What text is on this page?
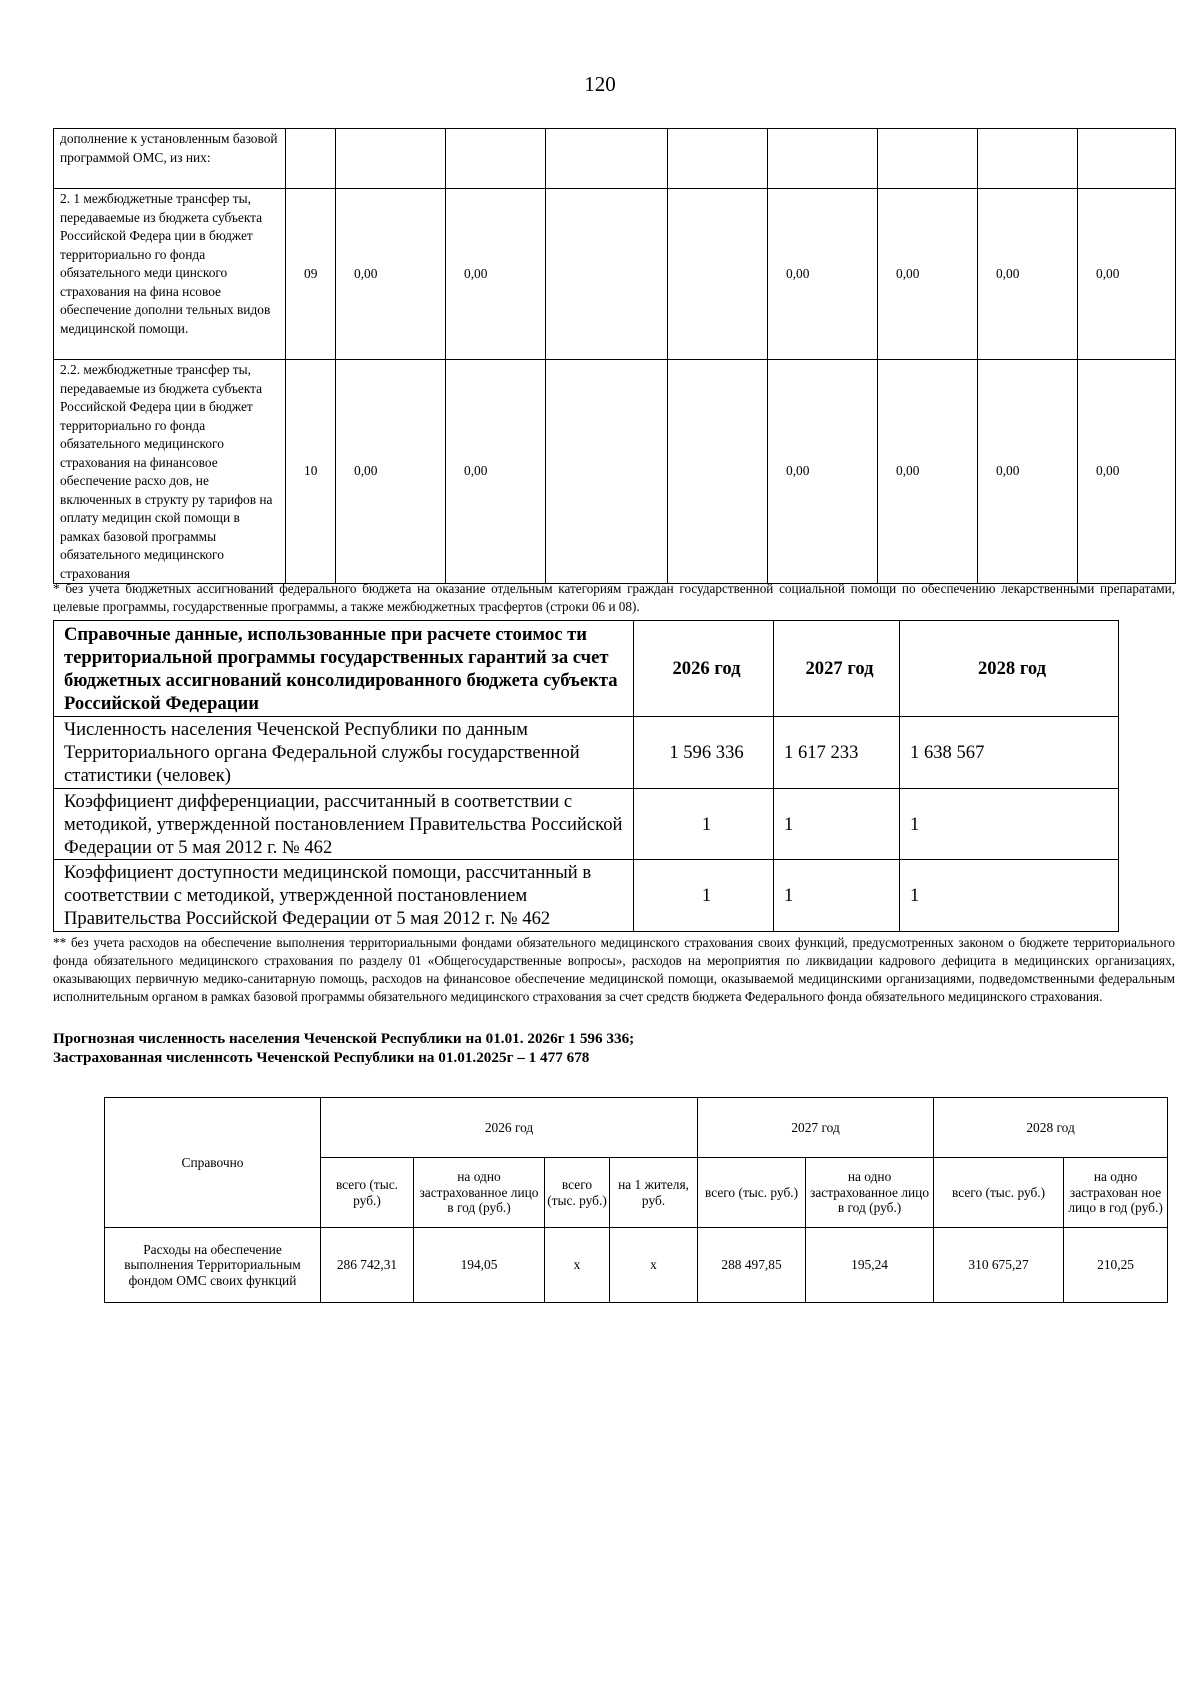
120
дополнение к установленным базовой программой ОМС, из них:									
2. 1 межбюджетные трансфер ты, передаваемые из бюджета субъекта Российской Федера ции в бюджет территориально го фонда обязательного меди цинского страхования на фина нсовое обеспечение дополни тельных видов медицинской помощи.	09	0,00	0,00			0,00	0,00	0,00	0,00
2.2. межбюджетные трансфер ты, передаваемые из бюджета субъекта Российской Федера ции в бюджет территориально го фонда обязательного медицинского страхования на финансовое обеспечение расхо дов, не включенных в структу ру тарифов на оплату медицин ской помощи в рамках базовой программы обязательного медицинского страхования	10	0,00	0,00			0,00	0,00	0,00	0,00
* без учета бюджетных ассигнований федерального бюджета на оказание отдельным категориям граждан государственной социальной помощи по обеспечению лекарственными препаратами, целевые программы, государственные программы, а также межбюджетных трасфертов (строки 06 и 08).
Справочные данные, использованные при расчете стоимос ти территориальной программы государственных гарантий за счет бюджетных ассигнований консолидированного бюджета субъекта Российской Федерации	2026 год	2027 год	2028 год
Численность населения Чеченской Республики по данным Территориального органа Федеральной службы государственной статистики (человек)	1 596 336	1 617 233	1 638 567
Коэффициент дифференциации, рассчитанный в соответствии с методикой, утвержденной постановлением Правительства Российской Федерации от 5 мая 2012 г. № 462	1	1	1
Коэффициент доступности медицинской помощи, рассчитанный в соответствии с методикой, утвержденной постановлением Правительства Российской Федерации от 5 мая 2012 г. № 462	1	1	1
** без учета расходов на обеспечение выполнения территориальными фондами обязательного медицинского страхования своих функций, предусмотренных законом о бюджете территориального фонда обязательного медицинского страхования по разделу 01 «Общегосударственные вопросы», расходов на мероприятия по ликвидации кадрового дефицита в медицинских организациях, оказывающих первичную медико-санитарную помощь, расходов на финансовое обеспечение медицинской помощи, оказываемой медицинскими организациями, подведомственными федеральным исполнительным органом в рамках базовой программы обязательного медицинского страхования за счет средств бюджета Федерального фонда обязательного медицинского страхования.
Прогнозная численность населения Чеченской Республики на 01.01. 2026г 1 596 336;
Застрахованная численнсоть Чеченской Республики на 01.01.2025г – 1 477 678
Справочно	2026 год				2027 год		2028 год	
	всего (тыс. руб.)	на одно застрахованное лицо в год (руб.)	всего (тыс. руб.)	на 1 жителя, руб.	всего (тыс. руб.)	на одно застрахованное лицо в год (руб.)	всего (тыс. руб.)	на одно застрахован ное лицо в год (руб.)
Расходы на обеспечение выполнения Территориальным фондом ОМС своих функций	286 742,31	194,05	x	x	288 497,85	195,24	310 675,27	210,25
